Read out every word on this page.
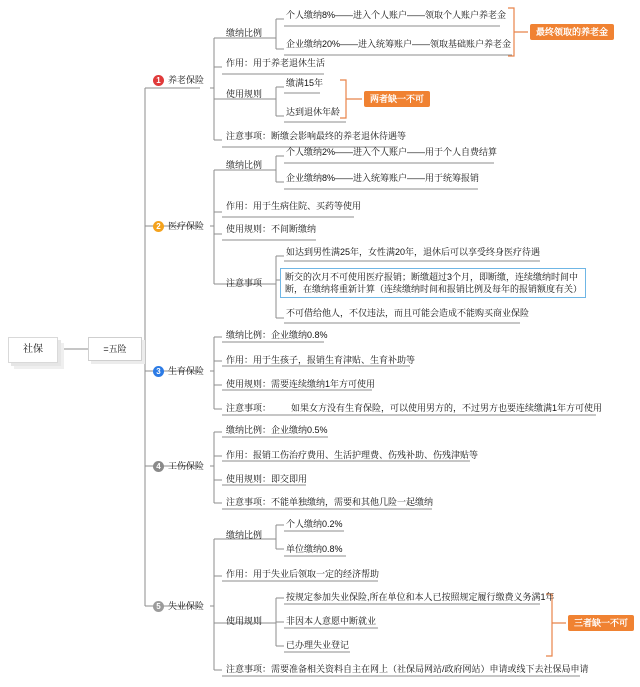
社保	=五险
1 养老保险
2 医疗保险
3 生育保险
4 工伤保险
5 失业保险
缴纳比例
个人缴纳8%——进入个人账户——领取个人账户养老金
企业缴纳20%——进入统筹账户——领取基础账户养老金
最终领取的养老金
作用：用于养老退休生活
使用规则
缴满15年
达到退休年龄
两者缺一不可
注意事项：断缴会影响最终的养老退休待遇等
缴纳比例
个人缴纳2%——进入个人账户——用于个人自费结算
企业缴纳8%——进入统筹账户——用于统筹报销
作用：用于生病住院、买药等使用
使用规则：不间断缴纳
注意事项
如达到男性满25年，女性满20年，退休后可以享受终身医疗待遇
断交的次月不可使用医疗报销；断缴超过3个月，即断缴，连续缴纳时间中断，在缴纳将重新计算（连续缴纳时间和报销比例及每年的报销额度有关）
不可借给他人，不仅违法，而且可能会造成不能购买商业保险
缴纳比例：企业缴纳0.8%
作用：用于生孩子，报销生育津贴、生育补助等
使用规则：需要连续缴纳1年方可使用
注意事项：        如果女方没有生育保险，可以使用男方的，不过男方也要连续缴满1年方可使用
缴纳比例：企业缴纳0.5%
作用：报销工伤治疗费用、生活护理费、伤残补助、伤残津贴等
使用规则：即交即用
注意事项：不能单独缴纳，需要和其他几险一起缴纳
缴纳比例
个人缴纳0.2%
单位缴纳0.8%
作用：用于失业后领取一定的经济帮助
使用规则
按规定参加失业保险,所在单位和本人已按照规定履行缴费义务满1年
非因本人意愿中断就业
已办理失业登记
三者缺一不可
注意事项：需要准备相关资料自主在网上（社保局网站/政府网站）申请或线下去社保局申请
